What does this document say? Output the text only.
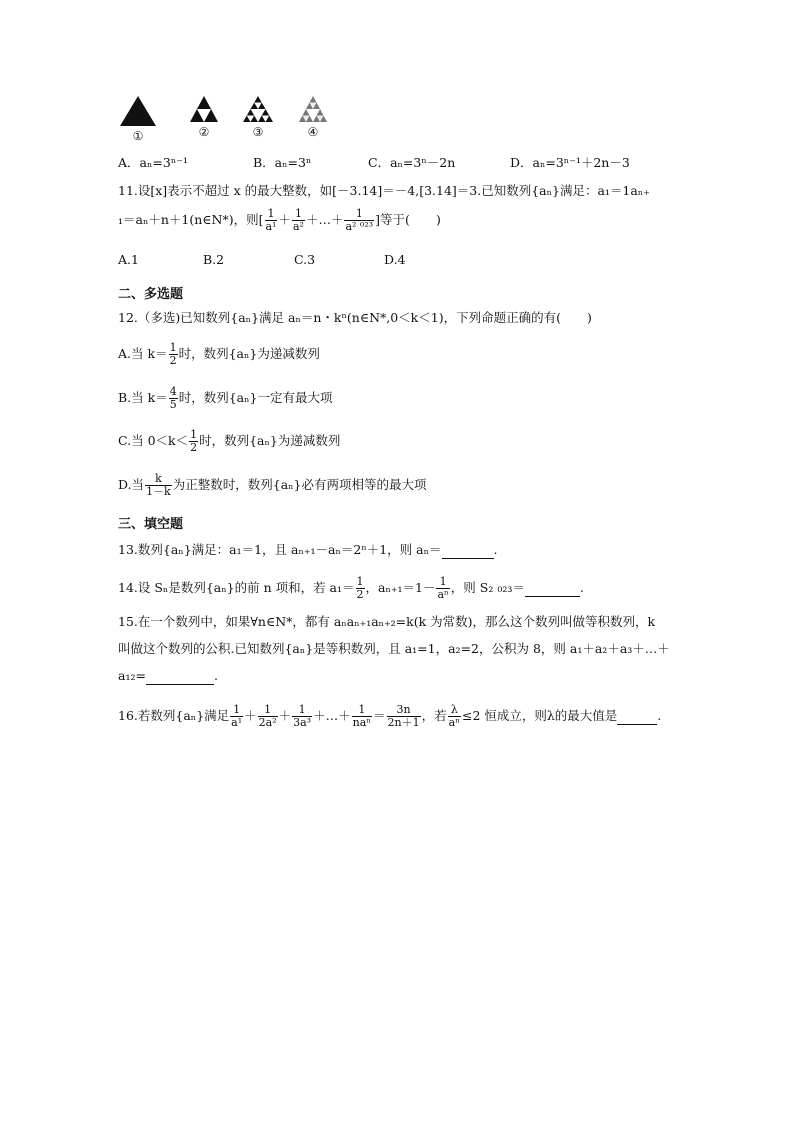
①	②	③	④
A．aₙ=3ⁿ⁻¹	B．aₙ=3ⁿ	C．aₙ=3ⁿ－2n	D．aₙ=3ⁿ⁻¹＋2n－3
11.设[x]表示不超过 x 的最大整数，如[－3.14]＝－4,[3.14]＝3.已知数列{aₙ}满足：a₁＝1aₙ₊
₁＝aₙ＋n＋1(n∈N*)，则[ $\frac{1}{\text{a¹}} + \frac{1}{\text{a²}}$ ＋…＋ $\frac{1}{\text{a² ⁰²³}}$ ]等于( )
A.1	B.2	C.3	D.4
二、多选题
12.（多选)已知数列{aₙ}满足 aₙ＝n・kⁿ(n∈N*,0＜k＜1)，下列命题正确的有( )
A.当 $k= \frac{1}{2}$ 时，数列{aₙ}为递减数列
B.当 $k= \frac{4}{5}$ 时，数列{aₙ}一定有最大项
C.当 $0<k< \frac{1}{2}$ 时，数列{aₙ}为递减数列
D.当 $\frac{k}{1-k}$ 为正整数时，数列{aₙ}必有两项相等的最大项
三、填空题
13.数列{aₙ}满足：a₁＝1，且 aₙ₊₁－aₙ＝2ⁿ＋1，则 aₙ＝	.
14.设 Sₙ是数列{aₙ}的前 n 项和，若 $a_1= \frac{1}{2}$ ，$a_{n+1}=1- \frac{1}{\text{aⁿ}}$ ，则 S₂ ₀₂₃＝	.
15.在一个数列中，如果∀n∈N*，都有 aₙaₙ₊₁aₙ₊₂=k(k 为常数)，那么这个数列叫做等积数列，k
叫做这个数列的公积.已知数列{aₙ}是等积数列，且 a₁=1，a₂=2，公积为 8，则 a₁＋a₂＋a₃＋…＋
a₁₂=	.
16.若数列{aₙ}满足 $\frac{1}{\text{a¹}} + \frac{1}{\text{2a²}} + \frac{1}{\text{3a³}}$ ＋…＋ $\frac{1}{\text{naⁿ}} = \frac{3n}{2n+1}$ ，若 $\frac{\lambda}{\text{aⁿ}} \le 2$ 恒成立，则λ的最大值是	.
